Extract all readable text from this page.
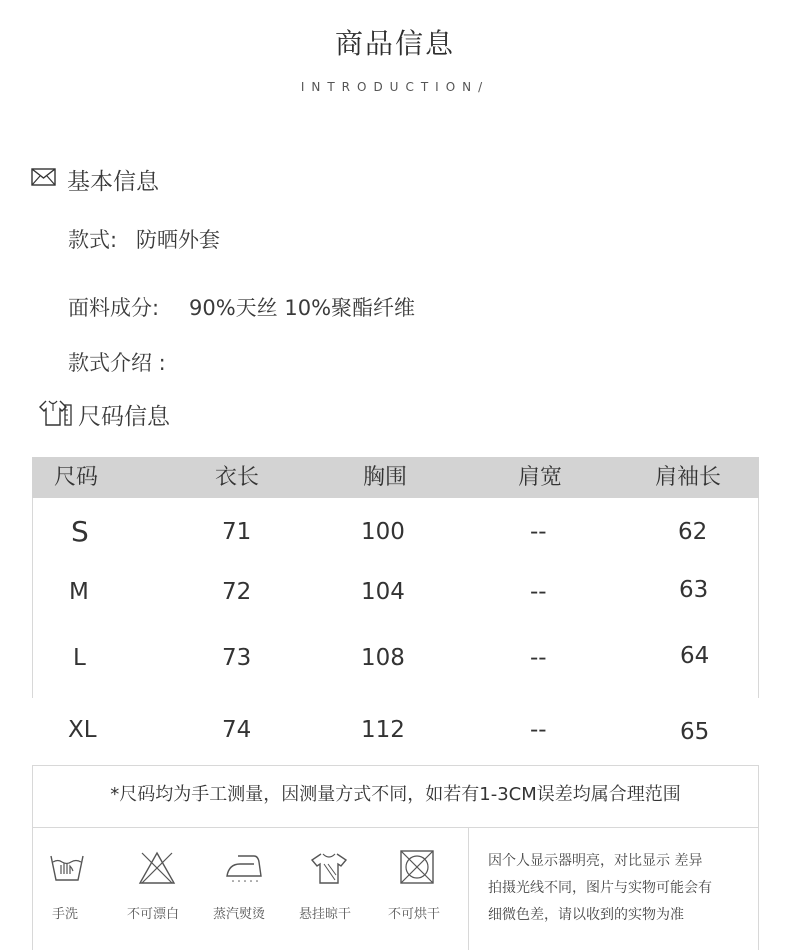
商品信息
INTRODUCTION/
基本信息
款式: 防晒外套
面料成分: 90%天丝 10%聚酯纤维
款式介绍 :
尺码信息
尺码	衣长	胸围	肩宽	肩袖长
S	71	100	--	62
M	72	104	--	63
L	73	108	--	64
XL	74	112	--	65
*尺码均为手工测量，因测量方式不同，如若有1-3CM误差均属合理范围
手洗	不可漂白	蒸汽熨烫	悬挂晾干	不可烘干
因个人显示器明亮，对比显示 差异
拍摄光线不同，图片与实物可能会有
细微色差，请以收到的实物为准
